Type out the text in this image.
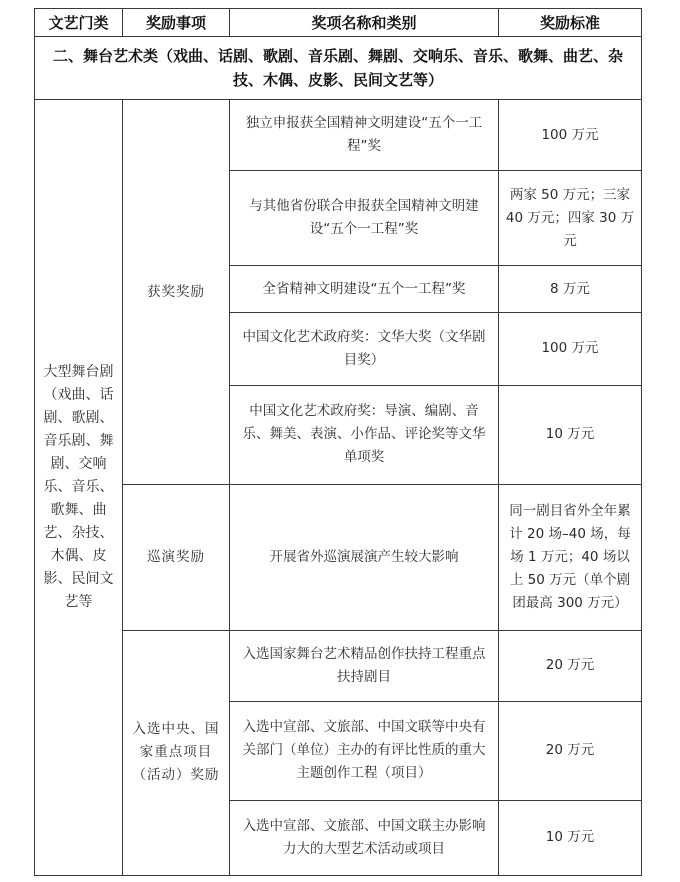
文艺门类	奖励事项	奖项名称和类别	奖励标准
二、舞台艺术类（戏曲、话剧、歌剧、音乐剧、舞剧、交响乐、音乐、歌舞、曲艺、杂技、木偶、皮影、民间文艺等）			
大型舞台剧（戏曲、话剧、歌剧、音乐剧、舞剧、交响乐、音乐、歌舞、曲艺、杂技、木偶、皮影、民间文艺等	获奖奖励	独立申报获全国精神文明建设“五个一工程”奖	100 万元
		与其他省份联合申报获全国精神文明建设“五个一工程”奖	两家 50 万元；三家 40 万元；四家 30 万元
		全省精神文明建设“五个一工程”奖	8 万元
		中国文化艺术政府奖：文华大奖（文华剧目奖）	100 万元
		中国文化艺术政府奖：导演、编剧、音乐、舞美、表演、小作品、评论奖等文华单项奖	10 万元
	巡演奖励	开展省外巡演展演产生较大影响	同一剧目省外全年累计 20 场–40 场，每场 1 万元；40 场以上 50 万元（单个剧团最高 300 万元）
	入选中央、国家重点项目（活动）奖励	入选国家舞台艺术精品创作扶持工程重点扶持剧目	20 万元
		入选中宣部、文旅部、中国文联等中央有关部门（单位）主办的有评比性质的重大主题创作工程（项目）	20 万元
		入选中宣部、文旅部、中国文联主办影响力大的大型艺术活动或项目	10 万元
